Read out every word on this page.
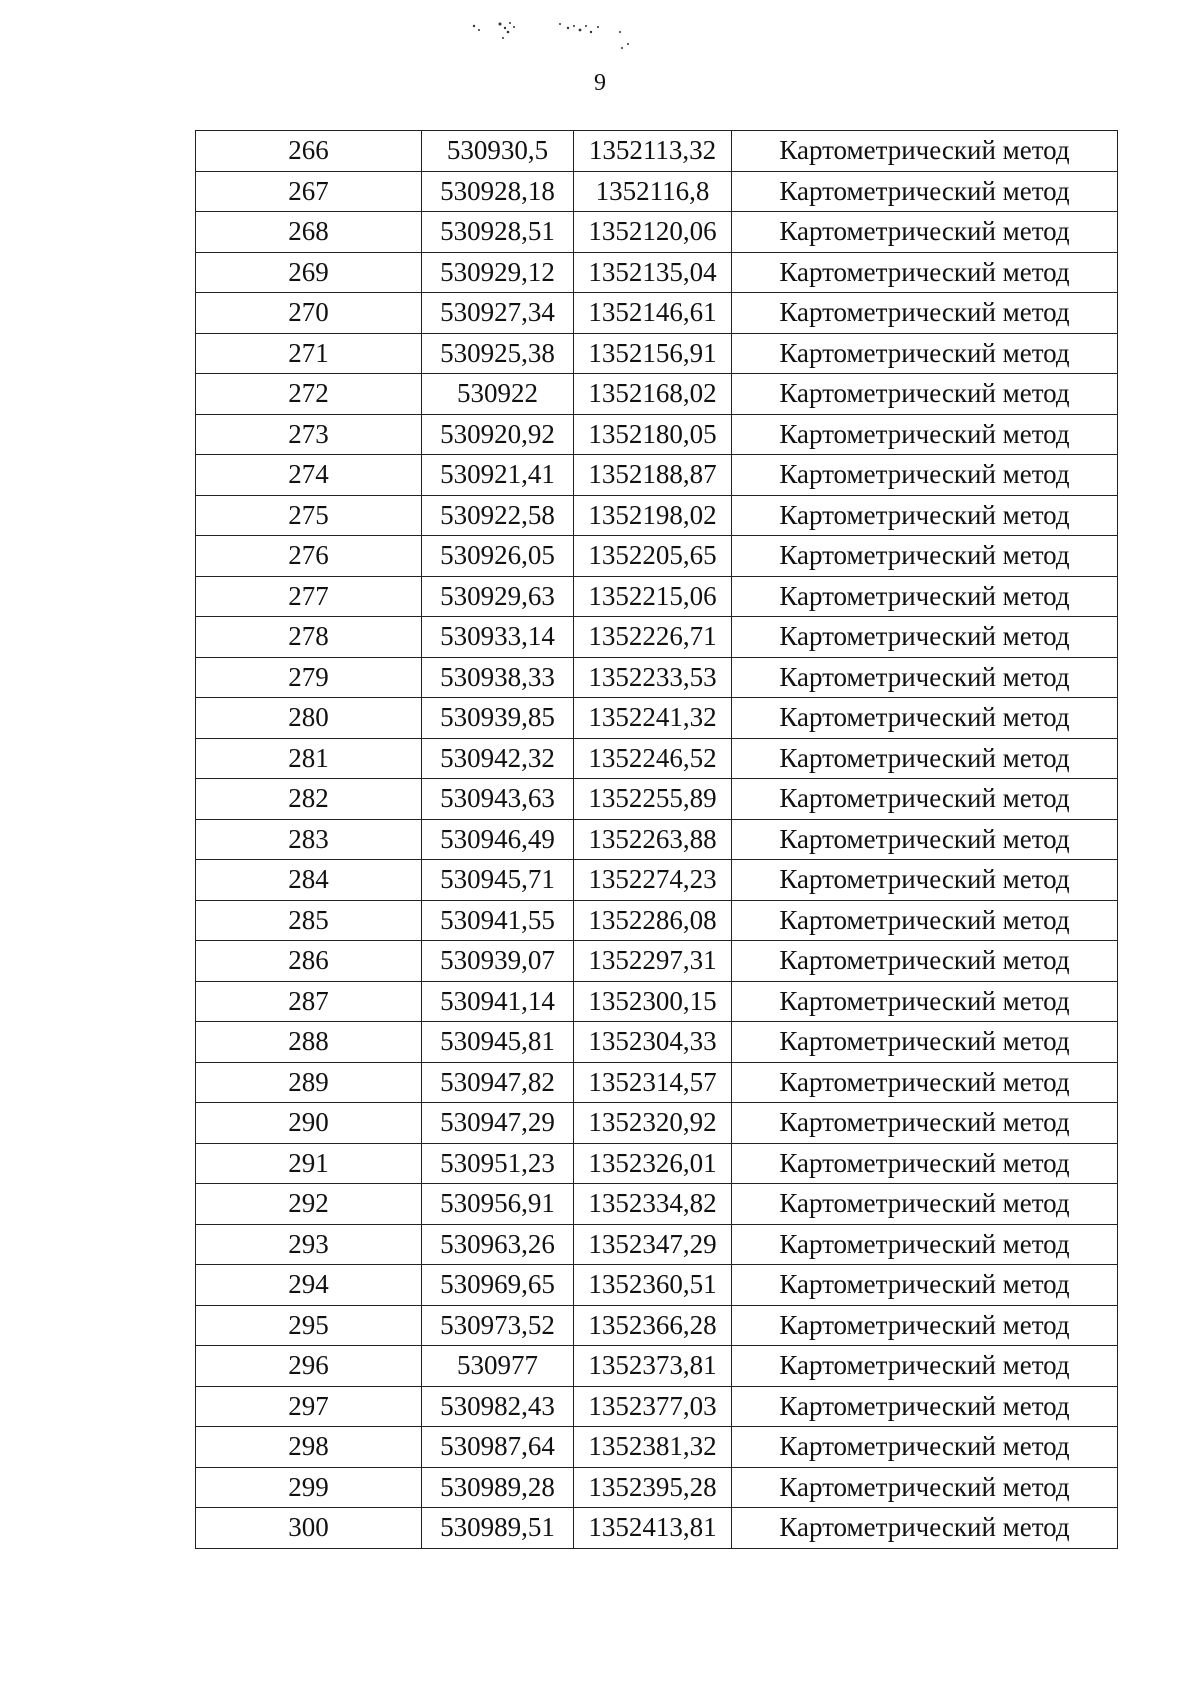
9
266	530930,5	1352113,32	Картометрический метод
267	530928,18	1352116,8	Картометрический метод
268	530928,51	1352120,06	Картометрический метод
269	530929,12	1352135,04	Картометрический метод
270	530927,34	1352146,61	Картометрический метод
271	530925,38	1352156,91	Картометрический метод
272	530922	1352168,02	Картометрический метод
273	530920,92	1352180,05	Картометрический метод
274	530921,41	1352188,87	Картометрический метод
275	530922,58	1352198,02	Картометрический метод
276	530926,05	1352205,65	Картометрический метод
277	530929,63	1352215,06	Картометрический метод
278	530933,14	1352226,71	Картометрический метод
279	530938,33	1352233,53	Картометрический метод
280	530939,85	1352241,32	Картометрический метод
281	530942,32	1352246,52	Картометрический метод
282	530943,63	1352255,89	Картометрический метод
283	530946,49	1352263,88	Картометрический метод
284	530945,71	1352274,23	Картометрический метод
285	530941,55	1352286,08	Картометрический метод
286	530939,07	1352297,31	Картометрический метод
287	530941,14	1352300,15	Картометрический метод
288	530945,81	1352304,33	Картометрический метод
289	530947,82	1352314,57	Картометрический метод
290	530947,29	1352320,92	Картометрический метод
291	530951,23	1352326,01	Картометрический метод
292	530956,91	1352334,82	Картометрический метод
293	530963,26	1352347,29	Картометрический метод
294	530969,65	1352360,51	Картометрический метод
295	530973,52	1352366,28	Картометрический метод
296	530977	1352373,81	Картометрический метод
297	530982,43	1352377,03	Картометрический метод
298	530987,64	1352381,32	Картометрический метод
299	530989,28	1352395,28	Картометрический метод
300	530989,51	1352413,81	Картометрический метод
